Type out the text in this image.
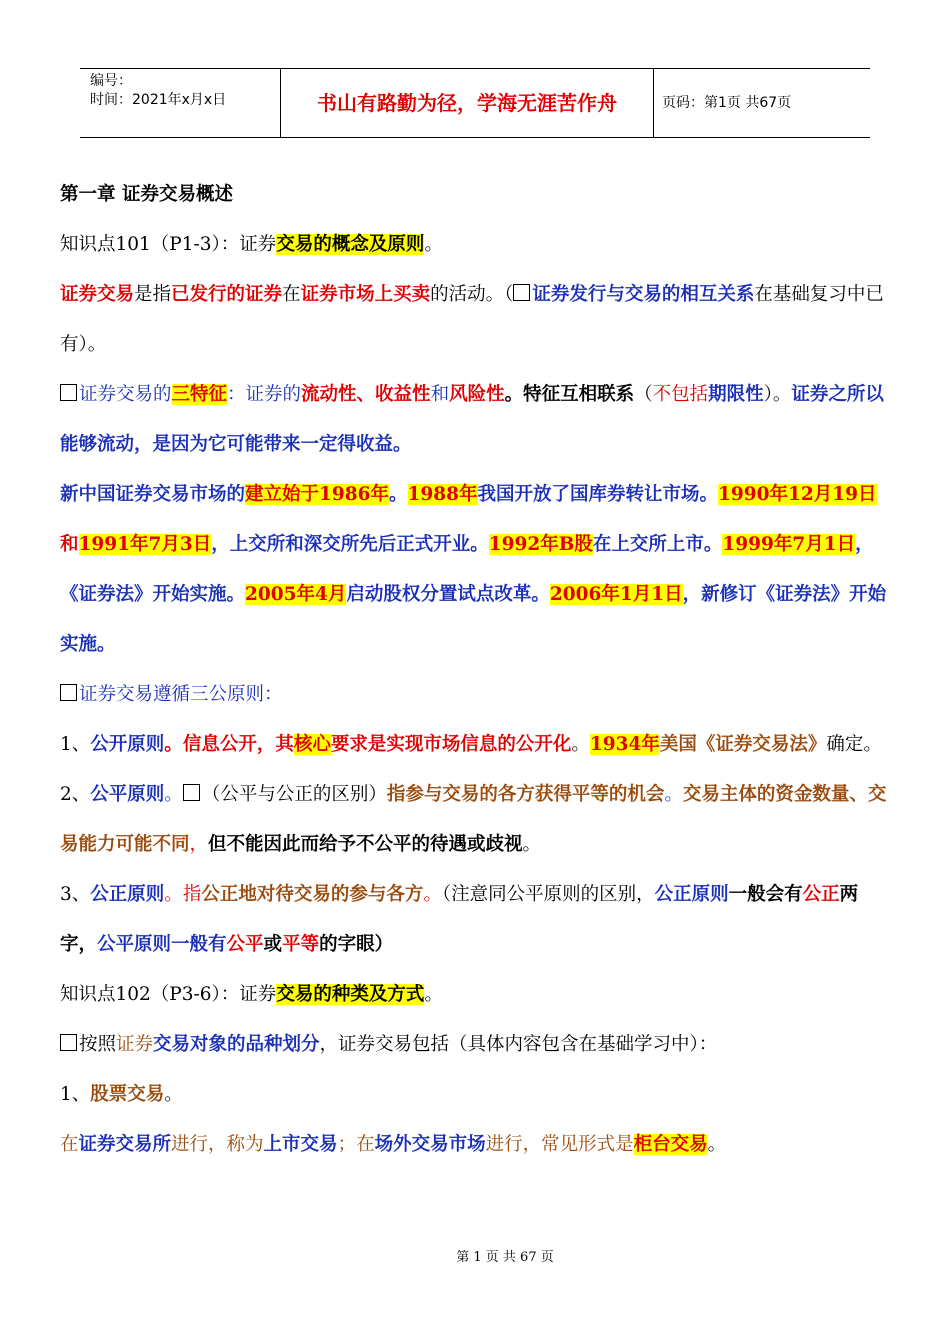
编号：
时间：2021年x月x日	书山有路勤为径，学海无涯苦作舟	页码：第1页 共67页

第一章 证券交易概述

知识点101（P1-3）：证券交易的概念及原则。

证券交易是指已发行的证券在证券市场上买卖的活动。（ 证券发行与交易的相互关系在基础复习中已有）。

证券交易的三特征：证券的流动性、收益性和风险性。特征互相联系（不包括期限性）。证券之所以能够流动，是因为它可能带来一定得收益。

新中国证券交易市场的建立始于1986年。1988年我国开放了国库券转让市场。1990年12月19日和1991年7月3日，上交所和深交所先后正式开业。1992年B股在上交所上市。1999年7月1日，《证券法》开始实施。2005年4月启动股权分置试点改革。2006年1月1日，新修订《证券法》开始实施。

证券交易遵循三公原则：

1、公开原则。信息公开，其核心要求是实现市场信息的公开化。1934年美国《证券交易法》确定。

2、公平原则。 （公平与公正的区别）指参与交易的各方获得平等的机会。交易主体的资金数量、交易能力可能不同，但不能因此而给予不公平的待遇或歧视。

3、公正原则。指公正地对待交易的参与各方。（注意同公平原则的区别，公正原则一般会有公正两字，公平原则一般有公平或平等的字眼）

知识点102（P3-6）：证券交易的种类及方式。

按照证券交易对象的品种划分，证券交易包括（具体内容包含在基础学习中）：

1、股票交易。

在证券交易所进行，称为上市交易；在场外交易市场进行，常见形式是柜台交易。

第 1 页 共 67 页
